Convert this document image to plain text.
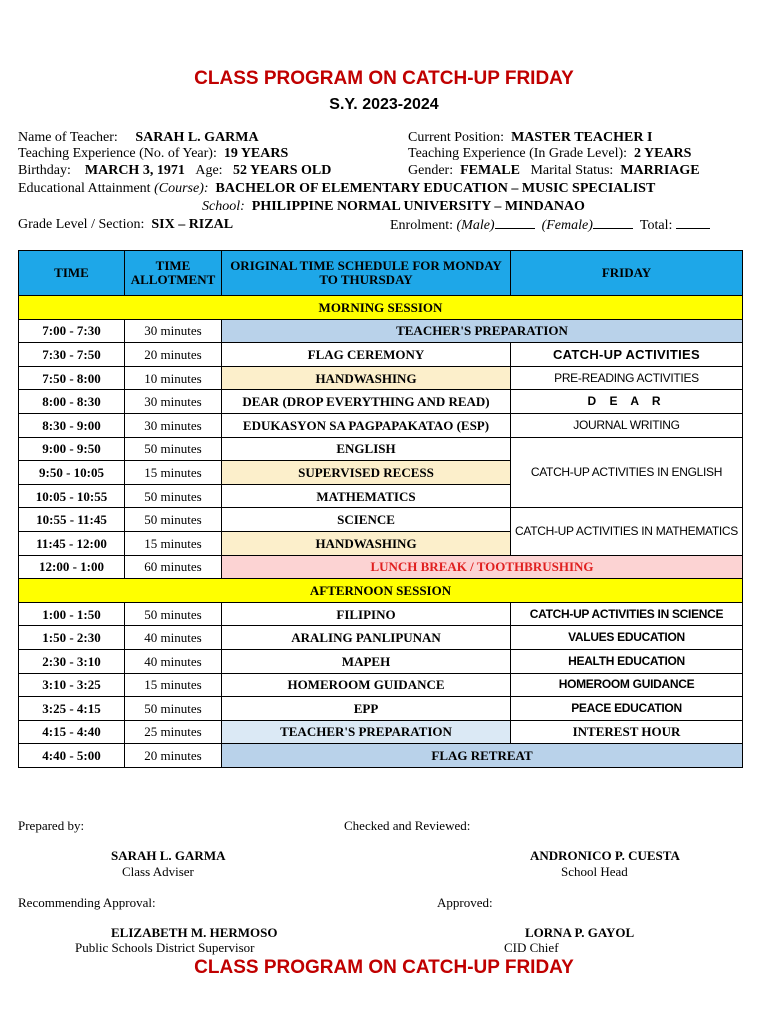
CLASS PROGRAM ON CATCH-UP FRIDAY
S.Y. 2023-2024
Name of Teacher: SARAH L. GARMA	Current Position: MASTER TEACHER I
Teaching Experience (No. of Year): 19 YEARS	Teaching Experience (In Grade Level): 2 YEARS
Birthday: MARCH 3, 1971 Age: 52 YEARS OLD	Gender: FEMALE Marital Status: MARRIAGE
Educational Attainment (Course): BACHELOR OF ELEMENTARY EDUCATION – MUSIC SPECIALIST
School: PHILIPPINE NORMAL UNIVERSITY – MINDANAO
Grade Level / Section: SIX – RIZAL	Enrolment: (Male)	(Female)	Total:
TIME	TIME ALLOTMENT	ORIGINAL TIME SCHEDULE FOR MONDAY TO THURSDAY	FRIDAY
MORNING SESSION			
7:00 - 7:30	30 minutes	TEACHER'S PREPARATION	
7:30 - 7:50	20 minutes	FLAG CEREMONY	CATCH-UP ACTIVITIES
7:50 - 8:00	10 minutes	HANDWASHING	PRE-READING ACTIVITIES
8:00 - 8:30	30 minutes	DEAR (DROP EVERYTHING AND READ)	D E A R
8:30 - 9:00	30 minutes	EDUKASYON SA PAGPAPAKATAO (ESP)	JOURNAL WRITING
9:00 - 9:50	50 minutes	ENGLISH	CATCH-UP ACTIVITIES IN ENGLISH
9:50 - 10:05	15 minutes	SUPERVISED RECESS	
10:05 - 10:55	50 minutes	MATHEMATICS	
10:55 - 11:45	50 minutes	SCIENCE	CATCH-UP ACTIVITIES IN MATHEMATICS
11:45 - 12:00	15 minutes	HANDWASHING	
12:00 - 1:00	60 minutes	LUNCH BREAK / TOOTHBRUSHING	
AFTERNOON SESSION			
1:00 - 1:50	50 minutes	FILIPINO	CATCH-UP ACTIVITIES IN SCIENCE
1:50 - 2:30	40 minutes	ARALING PANLIPUNAN	VALUES EDUCATION
2:30 - 3:10	40 minutes	MAPEH	HEALTH EDUCATION
3:10 - 3:25	15 minutes	HOMEROOM GUIDANCE	HOMEROOM GUIDANCE
3:25 - 4:15	50 minutes	EPP	PEACE EDUCATION
4:15 - 4:40	25 minutes	TEACHER'S PREPARATION	INTEREST HOUR
4:40 - 5:00	20 minutes	FLAG RETREAT	
Prepared by:	Checked and Reviewed:
SARAH L. GARMA
Class Adviser
ANDRONICO P. CUESTA
School Head
Recommending Approval:	Approved:
ELIZABETH M. HERMOSO
Public Schools District Supervisor
LORNA P. GAYOL
CID Chief
CLASS PROGRAM ON CATCH-UP FRIDAY
